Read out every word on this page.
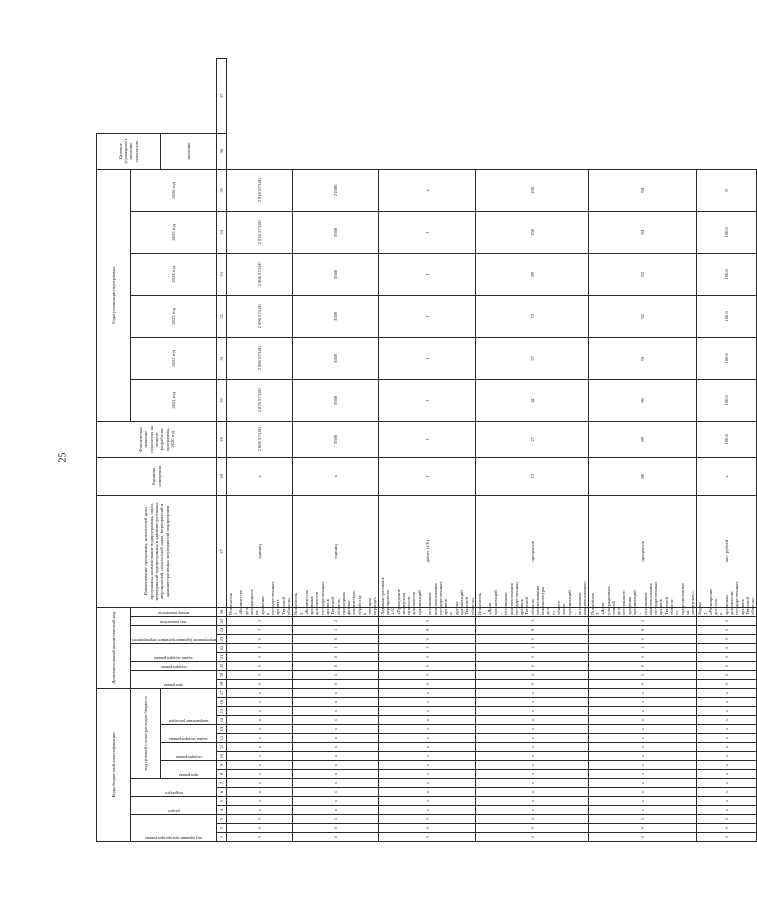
25
Коды бюджетной классификации																	Дополнительный аналитический код									Наименование программы, показателей цели программы, наименование подпрограммы, задач, мероприятий подпрограммы и административных мероприятий, показателей задач, мероприятий и административных мероприятий подпрограмм	Единица измерения	Фактическое значение показателя на момент разработки программы, 2020 год	Годы реализации программы						Целевое (суммарное) значение показателя	

код администратора программы			раздел		подраздел		код целевой статьи расходов бюджета										программа		подпрограмма	задача подпрограммы		мероприятие (административное мероприятие)		тип показателя	номер показателя				2021 год	2022 год	2023 год	2024 год	2025 год	2026 год		

							программа		подпрограмма		задача подпрограммы		направление расходов																						значение	
1	2	3	4	5	6	7	8	9	10	11	12	13	14	15	16	17	18	19	20	21	22	23	24	25	26	27	28	29	30	31	32	33	34	35	36	37
0	0	5	x	x	x	x	x	x	x	x	x	x	x	x	x	x	0	5	0	0	1	0	1	1	Показатель 1 «Количество дел, находящихся на хранении в государственных архивах Тверской области»	единиц	x	2 866 573,00	2 876 573,00	2 886 573,00	2 896 573,00	2 906 573,00	2 916 573,00	2 916 573,00		
0	0	5	x	x	x	x	x	x	x	x	x	x	x	x	x	x	0	5	0	0	1	0	1	2	Показатель 2 «Количество архивных документов государственных архивов Тверской области, прошедших физико-химическую обработку в текущем периоде»	единиц	x	3500	3500	3500	3500	3500	3500	21000		
0	0	5	x	x	x	x	x	x	x	x	x	x	x	x	x	x	0	5	0	0	1	0	8	0	Административное мероприятие 1.02 «Проведение экспертизы ценности документов организаций – источников комплектования государственных архивов и других организаций Тверской области»	да/нет (1/0)	1	1	1	1	1	1	1	x		
0	0	5	x	x	x	x	x	x	x	x	x	x	x	x	x	x	0	5	0	0	1	0	8	1	Показатель 1 «Доля организаций – источников комплектования государственных архивов Тверской области, согласовавших номенклатуры дел, от общего числа организаций – источников комплектования»	процентов	13	27	41	57	73	89	100	100		
0	0	5	x	x	x	x	x	x	x	x	x	x	x	x	x	x	0	5	0	0	1	0	8	2	Показатель 2 «Доля утвержденных описей дел постоянного хранения организаций – источников комплектования государственных архивов Тверской области от представленных на экспертизу»	процентов	88	89	90	91	92	93	94	94		
0	0	5	x	x	x	x	x	x	x	x	x	x	x	x	x	x	0	5	0	0	2	0	0	0	Задача 2 «Расширение доступа к архивным документам государственных архивов Тверской области»	тыс. рублей	x	100,0	100,0	100,0	100,0	100,0	100,0	0		
